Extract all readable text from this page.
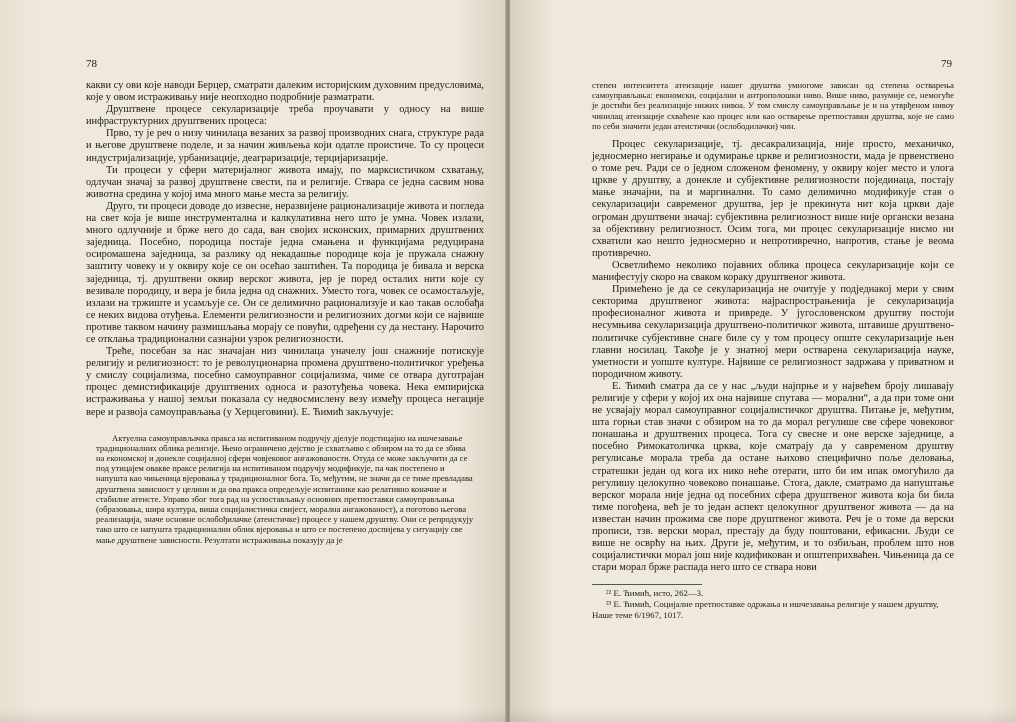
78

какви су ови које наводи Берцер, сматрати далеким историјским духовним предусловима, које у овом истраживању није неопходно подробније разматрати.

Друштвене процесе секуларизације треба проучавати у односу на више инфраструктурних друштвених процеса:

Прво, ту је реч о низу чинилаца везаних за развој производних снага, структуре рада и његове друштвене поделе, и за начин живљења који одатле проистиче. То су процеси индустријализације, урбанизације, деаграризације, терцијаризације.

Ти процеси у сфери материјалног живота имају, по марксистичком схватању, одлучан значај за развој друштвене свести, па и религије. Ствара се једна сасвим нова животна средина у којој има много мање места за религију.

Друго, ти процеси доводе до извесне, неразвијене рационализације живота и погледа на свет која је више инструментална и калкулативна него што је умна. Човек излази, много одлучније и брже него до сада, ван својих исконских, примарних друштвених заједница. Посебно, породица постаје једна смањена и функцијама редуцирана осиромашена заједница, за разлику од некадашње породице која је пружала снажну заштиту човеку и у оквиру које се он осећао заштићен. Та породица је бивала и верска заједница, тј. друштвени оквир верског живота, јер је поред осталих нити које су везивале породицу, и вера је била једна од снажних. Уместо тога, човек се осамостаљује, излази на тржиште и усамљује се. Он се делимично рационализује и као такав ослобађа се неких видова отуђења. Елементи религиозности и религиозних догми који се највише противе таквом начину размишљања морају се повући, одређени су да нестану. Нарочито се отклања традиционални сазнајни узрок религиозности.

Треће, посебан за нас значајан низ чинилаца уначелу још снажније потискује религију и религиозност: то је револуционарна промена друштвено-политичког уређења у смислу социјализма, посебно самоуправног социјализма, чиме се отвара дуготрајан процес демистификације друштвених односа и разотуђења човека. Нека емпиријска истраживања у нашој земљи показала су недвосмислену везу између процеса негације вере и развоја самоуправљања (у Херцеговини). Е. Ћимић закључује:

Актуелна самоуправљачка пракса на испитиваном подручју дјелује подстицајно на ишчезавање традиционалних облика религије. Њено ограничено дејство је схватљиво с обзиром на то да се збива на економској и донекле социјалној сфери човјековог ангажованости. Отуда се може закључити да се под утицајем овакве праксе религија на испитиваном подручју модификује, па чак постепено и напушта као чињеница вјеровања у традиционалног бога. То, међутим, не значи да се тиме превладава друштвена зависност у целини и да ова пракса опредељује испитанике као релативно коначне и стабилне атеисте. Управо због тога рад на успостављању основних претпоставки самоуправљања (образовања, шира култура, виша социјалистичка свијест, морална ангажованост), а поготово његова реализација, значе основне ослобођилачке (атеистичке) процесе у нашем друштву. Они се репродукују тако што се напушта традиционални облик вјеровања и што се постепено доспијева у ситуацију све мање друштвене зависности. Резултати истраживања показују да је

79

степен интензитета атеизације нашег друштва умногоме зависан од степена остварења самоуправљања: економски, социјални и антрополошки ниво. Више ниво, разумије се, немогуће је достићи без реализације нижих нивоа. У том смислу самоуправљање је и на утврђеном нивоу чинилац атеизације схваћене као процес или као остварење претпоставки друштва, које не само по себи значити један атеистички (ослободилачки) чин.

Процес секуларизације, тј. десакрализација, није просто, механичко, једносмерно негирање и одумирање цркве и религиозности, мада је првенствено о томе реч. Ради се о једном сложеном феномену, у оквиру којег место и улога цркве у друштву, а донекле и субјективне религиозности појединаца, постају мање значајни, па и маргинални. То само делимично модификује став о секуларизацији савременог друштва, јер је прекинута нит која цркви даје огроман друштвени значај: субјективна религиозност више није органски везана за објективну религиозност. Осим тога, ми процес секуларизације нисмо ни схватили као нешто једносмерно и непротивречно, напротив, стање је веома противречно.

Осветлићемо неколико појавних облика процеса секуларизације који се манифестују скоро на сваком кораку друштвеног живота.

Примећено је да се секуларизација не очитује у подједнакој мери у свим секторима друштвеног живота: најраспрострањенија је секуларизација професионалног живота и привреде. У југословенском друштву постоји несумњива секуларизација друштвено-политичког живота, штавише друштвено-политичке субјективне снаге биле су у том процесу опште секуларизације њен главни носилац. Такође је у знатној мери остварена секуларизација науке, уметности и уопште културе. Највише се религиозност задржава у приватном и породичном животу.

Е. Ћимић сматра да се у нас „људи најпрње и у највећем броју лишавају религије у сфери у којој их она највише спутава — морални“, а да при томе они не усвајају морал самоуправног социјалистичког друштва. Питање је, међутим, шта горњи став значи с обзиром на то да морал регулише све сфере човековог понашања и друштвених процеса. Тога су свесне и оне верске заједнице, а посебно Римокатоличка црква, које сматрају да у савременом друштву регулисање морала треба да остане њихово специфично поље деловања, стратешки један од кога их нико неће отерати, што би им ипак омогућило да регулишу целокупно човеково понашање. Стога, дакле, сматрамо да напуштање верског морала није једна од посебних сфера друштвеног живота која би била тиме погођена, већ је то један аспект целокупног друштвеног живота — да на известан начин прожима све поре друштвеног живота. Реч је о томе да верски прописи, тзв. верски морал, престају да буду поштовани, ефикасни. Људи се више не осврћу на њих. Други је, међутим, и то озбиљан, проблем што нов социјалистички морал још није кодификован и општеприхваћен. Чињеница да се стари морал брже распада него што се ствара нови

²² Е. Ћимић, исто, 262—3.

²³ Е. Ћимић, Социјалне претпоставке одржања и ишчезавања религије у нашем друштву, Наше теме 6/1967, 1017.
